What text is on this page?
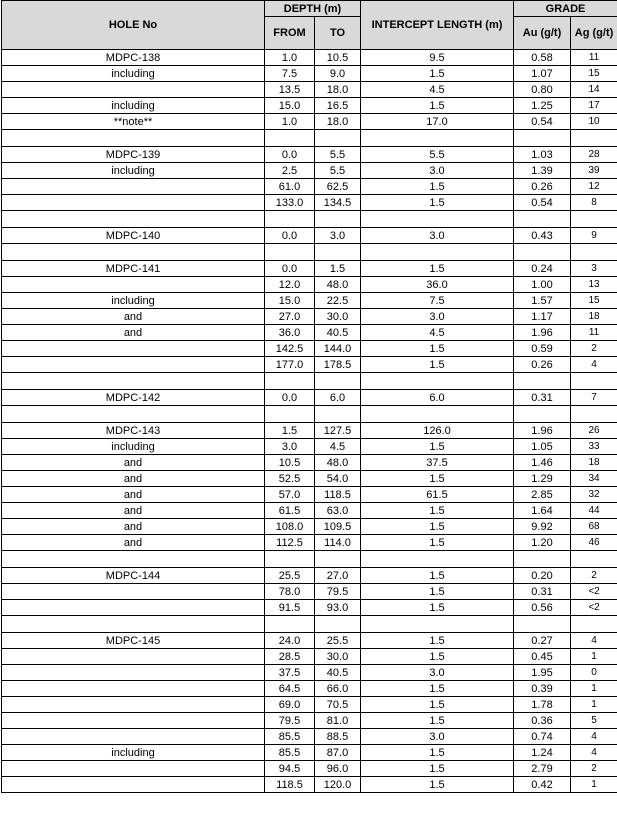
HOLE No	DEPTH (m)		INTERCEPT LENGTH (m)	GRADE	
	FROM	TO		Au (g/t)	Ag (g/t)
MDPC-138	1.0	10.5	9.5	0.58	11
including	7.5	9.0	1.5	1.07	15
	13.5	18.0	4.5	0.80	14
including	15.0	16.5	1.5	1.25	17
**note**	1.0	18.0	17.0	0.54	10

MDPC-139	0.0	5.5	5.5	1.03	28
including	2.5	5.5	3.0	1.39	39
	61.0	62.5	1.5	0.26	12
	133.0	134.5	1.5	0.54	8

MDPC-140	0.0	3.0	3.0	0.43	9

MDPC-141	0.0	1.5	1.5	0.24	3
	12.0	48.0	36.0	1.00	13
including	15.0	22.5	7.5	1.57	15
and	27.0	30.0	3.0	1.17	18
and	36.0	40.5	4.5	1.96	11
	142.5	144.0	1.5	0.59	2
	177.0	178.5	1.5	0.26	4

MDPC-142	0.0	6.0	6.0	0.31	7

MDPC-143	1.5	127.5	126.0	1.96	26
including	3.0	4.5	1.5	1.05	33
and	10.5	48.0	37.5	1.46	18
and	52.5	54.0	1.5	1.29	34
and	57.0	118.5	61.5	2.85	32
and	61.5	63.0	1.5	1.64	44
and	108.0	109.5	1.5	9.92	68
and	112.5	114.0	1.5	1.20	46

MDPC-144	25.5	27.0	1.5	0.20	2
	78.0	79.5	1.5	0.31	<2
	91.5	93.0	1.5	0.56	<2

MDPC-145	24.0	25.5	1.5	0.27	4
	28.5	30.0	1.5	0.45	1
	37.5	40.5	3.0	1.95	0
	64.5	66.0	1.5	0.39	1
	69.0	70.5	1.5	1.78	1
	79.5	81.0	1.5	0.36	5
	85.5	88.5	3.0	0.74	4
including	85.5	87.0	1.5	1.24	4
	94.5	96.0	1.5	2.79	2
	118.5	120.0	1.5	0.42	1
